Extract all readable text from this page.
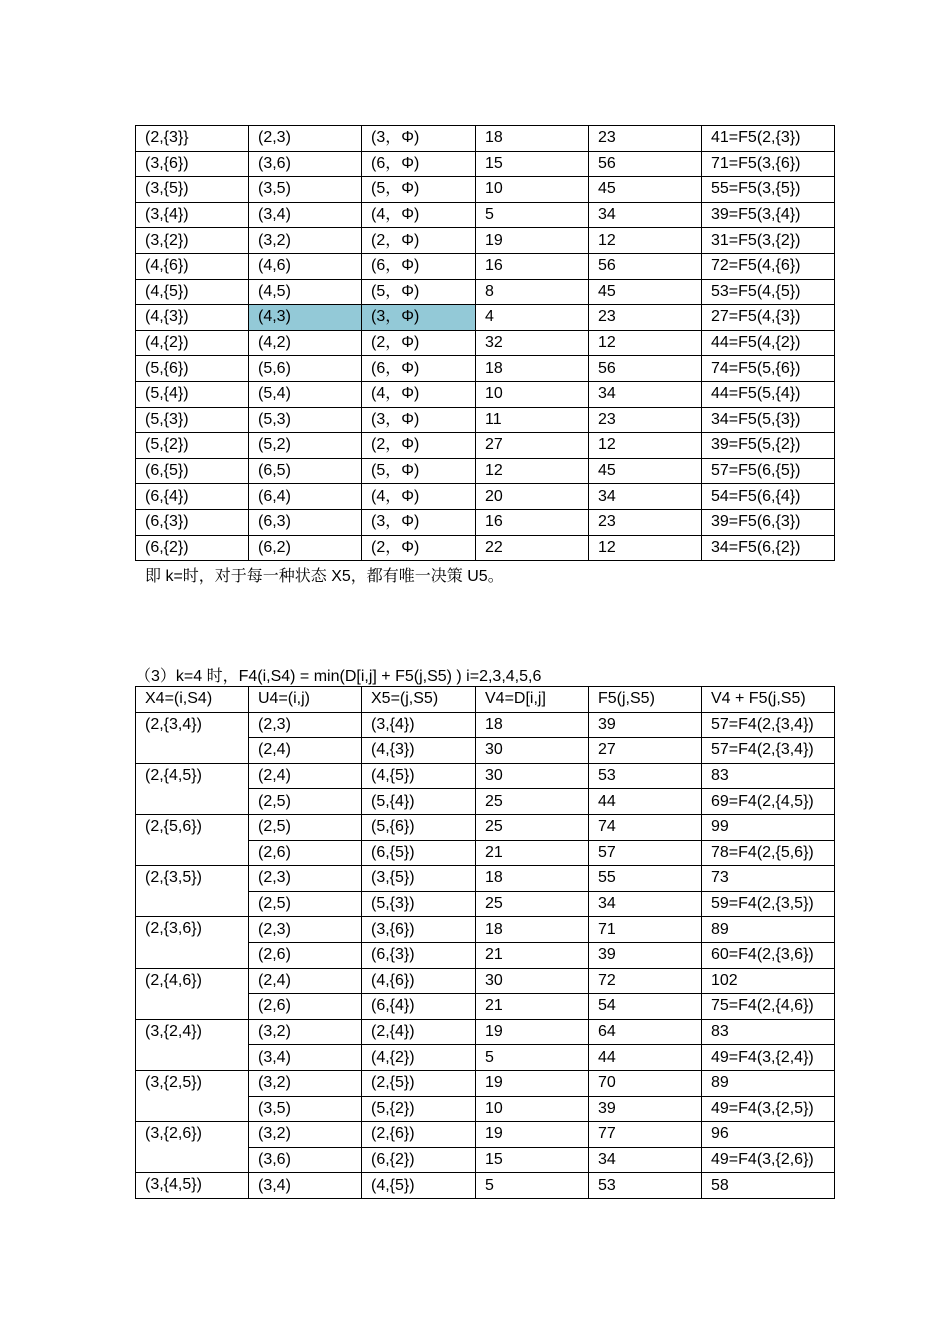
(2,{3}}	(2,3)	(3，Φ)	18	23	41=F5(2,{3})
(3,{6})	(3,6)	(6，Φ)	15	56	71=F5(3,{6})
(3,{5})	(3,5)	(5，Φ)	10	45	55=F5(3,{5})
(3,{4})	(3,4)	(4，Φ)	5	34	39=F5(3,{4})
(3,{2})	(3,2)	(2，Φ)	19	12	31=F5(3,{2})
(4,{6})	(4,6)	(6，Φ)	16	56	72=F5(4,{6})
(4,{5})	(4,5)	(5，Φ)	8	45	53=F5(4,{5})
(4,{3})	(4,3)	(3，Φ)	4	23	27=F5(4,{3})
(4,{2})	(4,2)	(2，Φ)	32	12	44=F5(4,{2})
(5,{6})	(5,6)	(6，Φ)	18	56	74=F5(5,{6})
(5,{4})	(5,4)	(4，Φ)	10	34	44=F5(5,{4})
(5,{3})	(5,3)	(3，Φ)	11	23	34=F5(5,{3})
(5,{2})	(5,2)	(2，Φ)	27	12	39=F5(5,{2})
(6,{5})	(6,5)	(5，Φ)	12	45	57=F5(6,{5})
(6,{4})	(6,4)	(4，Φ)	20	34	54=F5(6,{4})
(6,{3})	(6,3)	(3，Φ)	16	23	39=F5(6,{3})
(6,{2})	(6,2)	(2，Φ)	22	12	34=F5(6,{2})
即 k=时，对于每一种状态 X5，都有唯一决策 U5。
（3）k=4 时，F4(i,S4) = min(D[i,j] + F5(j,S5) ) i=2,3,4,5,6
X4=(i,S4)	U4=(i,j)	X5=(j,S5)	V4=D[i,j]	F5(j,S5)	V4 + F5(j,S5)
(2,{3,4})	(2,3)	(3,{4})	18	39	57=F4(2,{3,4})
	(2,4)	(4,{3})	30	27	57=F4(2,{3,4})
(2,{4,5})	(2,4)	(4,{5})	30	53	83
	(2,5)	(5,{4})	25	44	69=F4(2,{4,5})
(2,{5,6})	(2,5)	(5,{6})	25	74	99
	(2,6)	(6,{5})	21	57	78=F4(2,{5,6})
(2,{3,5})	(2,3)	(3,{5})	18	55	73
	(2,5)	(5,{3})	25	34	59=F4(2,{3,5})
(2,{3,6})	(2,3)	(3,{6})	18	71	89
	(2,6)	(6,{3})	21	39	60=F4(2,{3,6})
(2,{4,6})	(2,4)	(4,{6})	30	72	102
	(2,6)	(6,{4})	21	54	75=F4(2,{4,6})
(3,{2,4})	(3,2)	(2,{4})	19	64	83
	(3,4)	(4,{2})	5	44	49=F4(3,{2,4})
(3,{2,5})	(3,2)	(2,{5})	19	70	89
	(3,5)	(5,{2})	10	39	49=F4(3,{2,5})
(3,{2,6})	(3,2)	(2,{6})	19	77	96
	(3,6)	(6,{2})	15	34	49=F4(3,{2,6})
(3,{4,5})	(3,4)	(4,{5})	5	53	58
